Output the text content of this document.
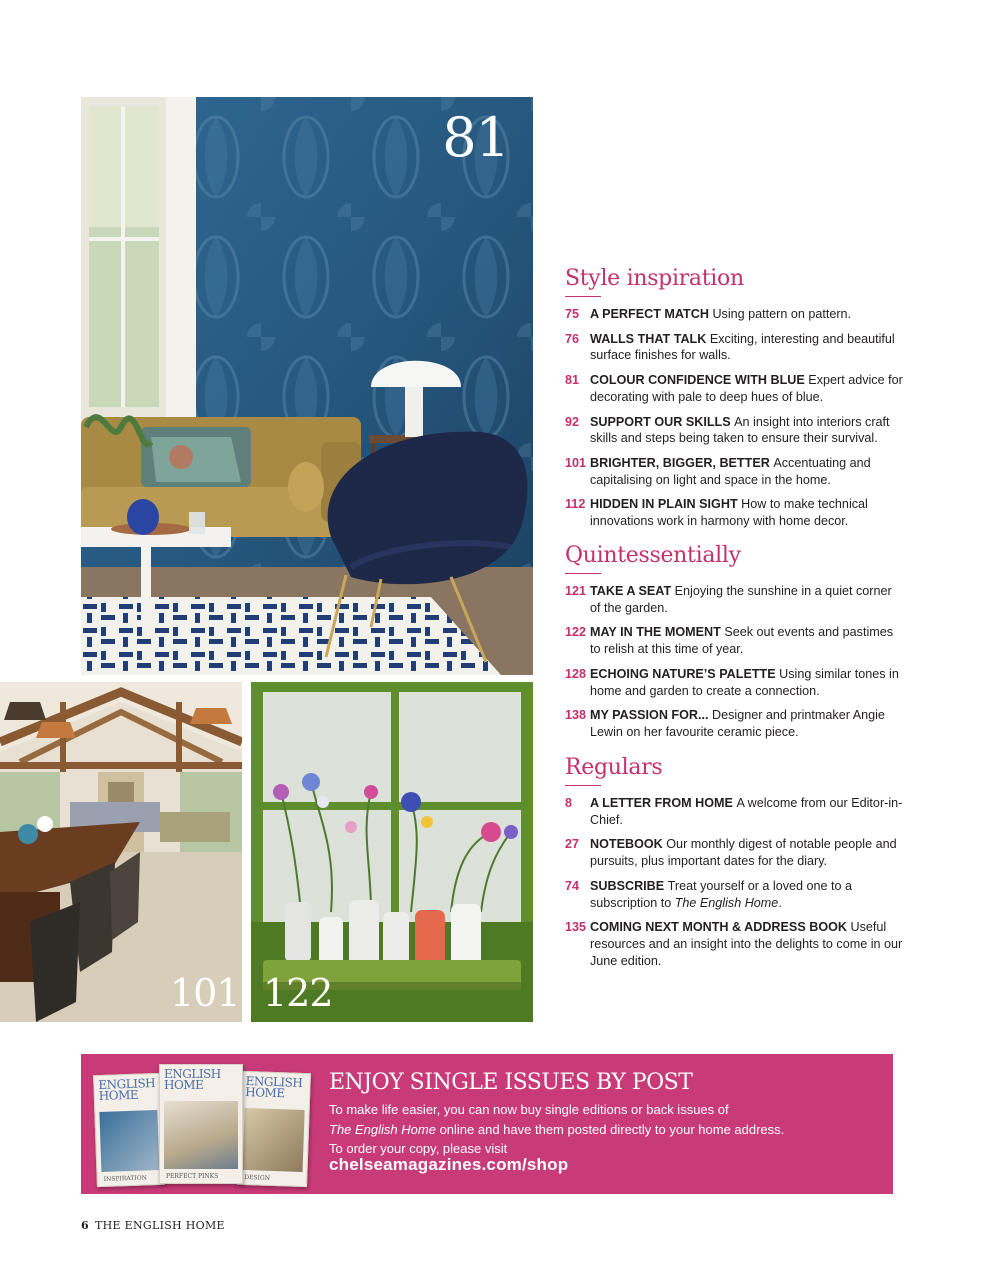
81
101 122
Style inspiration
75 A PERFECT MATCH Using pattern on pattern.
76 WALLS THAT TALK Exciting, interesting and beautiful surface finishes for walls.
81 COLOUR CONFIDENCE WITH BLUE Expert advice for decorating with pale to deep hues of blue.
92 SUPPORT OUR SKILLS An insight into interiors craft skills and steps being taken to ensure their survival.
101 BRIGHTER, BIGGER, BETTER Accentuating and capitalising on light and space in the home.
112 HIDDEN IN PLAIN SIGHT How to make technical innovations work in harmony with home decor.
Quintessentially
121 TAKE A SEAT Enjoying the sunshine in a quiet corner of the garden.
122 MAY IN THE MOMENT Seek out events and pastimes to relish at this time of year.
128 ECHOING NATURE’S PALETTE Using similar tones in home and garden to create a connection.
138 MY PASSION FOR... Designer and printmaker Angie Lewin on her favourite ceramic piece.
Regulars
8 A LETTER FROM HOME A welcome from our Editor-in-Chief.
27 NOTEBOOK Our monthly digest of notable people and pursuits, plus important dates for the diary.
74 SUBSCRIBE Treat yourself or a loved one to a subscription to The English Home.
135 COMING NEXT MONTH & ADDRESS BOOK Useful resources and an insight into the delights to come in our June edition.
ENGLISH HOME
INSPIRATION
ENGLISH HOME
DESIGN
ENGLISH HOME
PERFECT PINKS
ENJOY SINGLE ISSUES BY POST
To make life easier, you can now buy single editions or back issues of
The English Home online and have them posted directly to your home address.
To order your copy, please visit
chelseamagazines.com/shop
6 THE ENGLISH HOME
